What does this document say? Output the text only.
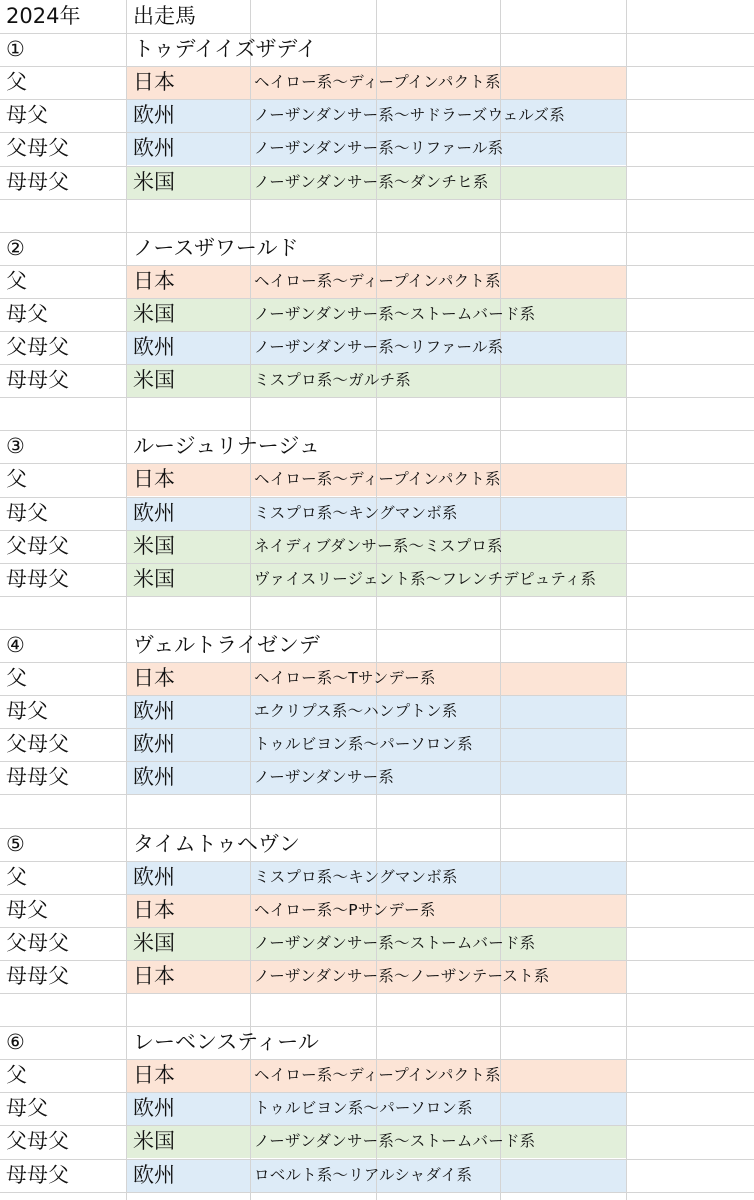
2024年	出走馬
①	トゥデイイズザデイ
父	日本	ヘイロー系～ディープインパクト系
母父	欧州	ノーザンダンサー系～サドラーズウェルズ系
父母父	欧州	ノーザンダンサー系～リファール系
母母父	米国	ノーザンダンサー系～ダンチヒ系
②	ノースザワールド
父	日本	ヘイロー系～ディープインパクト系
母父	米国	ノーザンダンサー系～ストームバード系
父母父	欧州	ノーザンダンサー系～リファール系
母母父	米国	ミスプロ系～ガルチ系
③	ルージュリナージュ
父	日本	ヘイロー系～ディープインパクト系
母父	欧州	ミスプロ系～キングマンボ系
父母父	米国	ネイディブダンサー系～ミスプロ系
母母父	米国	ヴァイスリージェント系～フレンチデピュティ系
④	ヴェルトライゼンデ
父	日本	ヘイロー系～Tサンデー系
母父	欧州	エクリプス系～ハンプトン系
父母父	欧州	トゥルビヨン系～パーソロン系
母母父	欧州	ノーザンダンサー系
⑤	タイムトゥヘヴン
父	欧州	ミスプロ系～キングマンボ系
母父	日本	ヘイロー系～Pサンデー系
父母父	米国	ノーザンダンサー系～ストームバード系
母母父	日本	ノーザンダンサー系～ノーザンテースト系
⑥	レーベンスティール
父	日本	ヘイロー系～ディープインパクト系
母父	欧州	トゥルビヨン系～パーソロン系
父母父	米国	ノーザンダンサー系～ストームバード系
母母父	欧州	ロベルト系～リアルシャダイ系
